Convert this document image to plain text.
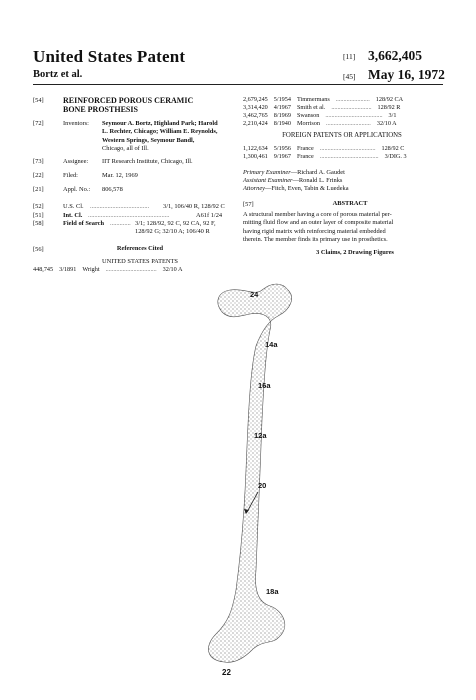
United States Patent
Bortz et al.
[11] 3,662,405
[45] May 16, 1972
[54] REINFORCED POROUS CERAMIC
BONE PROSTHESIS
[72]	Inventors: Seymour A. Bortz, Highland Park; Harold
L. Rechter, Chicago; William E. Reynolds,
Western Springs, Seymour Bandl,
Chicago, all of Ill.
[73]	Assignee: IIT Research Institute, Chicago, Ill.
[22]	Filed:	Mar. 12, 1969
[21]	Appl. No.: 806,578
[52]	U.S. Cl. ..................................... 3/1, 106/40 R, 128/92 C
[51]	Int. Cl. ...................................................	A61f 1/24
[58]	Field of Search ............. 3/1; 128/92, 92 C, 92 CA, 92 F,
128/92 G; 32/10 A; 106/40 R
[56]	References Cited
UNITED STATES PATENTS
448,745 3/1891 Wright ................................. 32/10 A
2,679,245 5/1954 Timmermans ...................... 128/92 CA
3,314,420 4/1967 Smith et al. .......................... 128/92 R
3,462,765 8/1969 Swanson ..................................... 3/1
2,210,424 8/1940 Morrison ............................. 32/10 A
FOREIGN PATENTS OR APPLICATIONS
1,122,634 5/1956 France .................................... 128/92 C
1,300,461 9/1967 France ...................................... 3/DIG. 3
Primary Examiner—Richard A. Gaudet
Assistant Examiner—Ronald L. Frinks
Attorney—Fitch, Even, Tabin & Luedeka
[57]	ABSTRACT
A structural member having a core of porous material per-
mitting fluid flow and an outer layer of composite material
having rigid matrix with reinforcing material embedded
therein. The member finds its primary use in prosthetics.
3 Claims, 2 Drawing Figures
24
14a
16a
12a
20
18a
22
